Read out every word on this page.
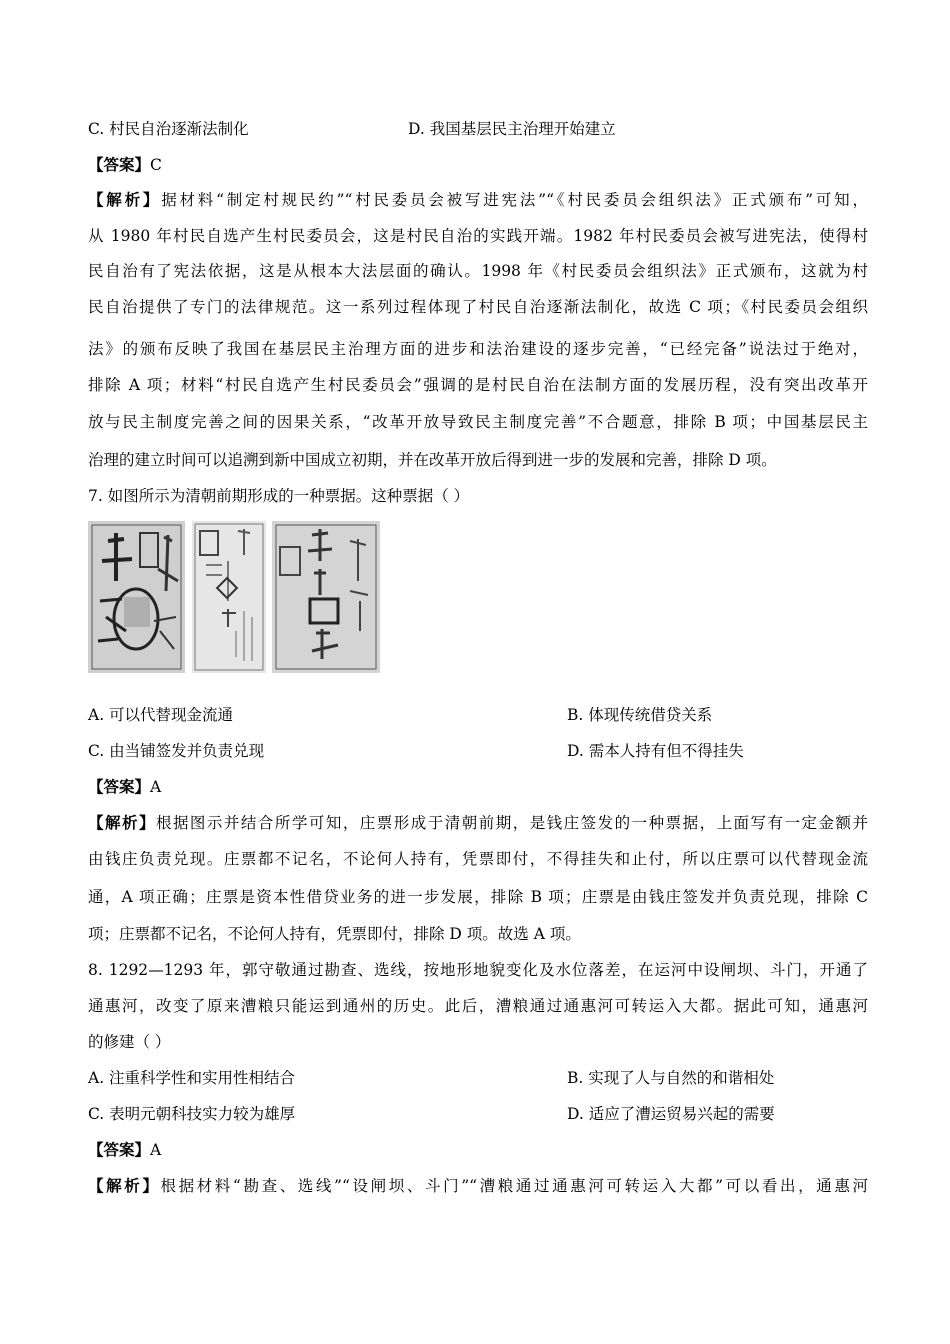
C. 村民自治逐渐法制化	D. 我国基层民主治理开始建立
【答案】C
【解析】据材料“制定村规民约”“村民委员会被写进宪法”“《村民委员会组织法》正式颁布”可知，
从 1980 年村民自选产生村民委员会，这是村民自治的实践开端。1982 年村民委员会被写进宪法，使得村
民自治有了宪法依据，这是从根本大法层面的确认。1998 年《村民委员会组织法》正式颁布，这就为村
民自治提供了专门的法律规范。这一系列过程体现了村民自治逐渐法制化，故选 C 项；《村民委员会组织
法》的颁布反映了我国在基层民主治理方面的进步和法治建设的逐步完善，“已经完备”说法过于绝对，
排除 A 项；材料“村民自选产生村民委员会”强调的是村民自治在法制方面的发展历程，没有突出改革开
放与民主制度完善之间的因果关系，“改革开放导致民主制度完善”不合题意，排除 B 项；中国基层民主
治理的建立时间可以追溯到新中国成立初期，并在改革开放后得到进一步的发展和完善，排除 D 项。
7. 如图所示为清朝前期形成的一种票据。这种票据（ ）
A. 可以代替现金流通	B. 体现传统借贷关系
C. 由当铺签发并负责兑现	D. 需本人持有但不得挂失
【答案】A
【解析】根据图示并结合所学可知，庄票形成于清朝前期，是钱庄签发的一种票据，上面写有一定金额并
由钱庄负责兑现。庄票都不记名，不论何人持有，凭票即付，不得挂失和止付，所以庄票可以代替现金流
通，A 项正确；庄票是资本性借贷业务的进一步发展，排除 B 项；庄票是由钱庄签发并负责兑现，排除 C
项；庄票都不记名，不论何人持有，凭票即付，排除 D 项。故选 A 项。
8. 1292—1293 年，郭守敬通过勘查、选线，按地形地貌变化及水位落差，在运河中设闸坝、斗门，开通了
通惠河，改变了原来漕粮只能运到通州的历史。此后，漕粮通过通惠河可转运入大都。据此可知，通惠河
的修建（ ）
A. 注重科学性和实用性相结合	B. 实现了人与自然的和谐相处
C. 表明元朝科技实力较为雄厚	D. 适应了漕运贸易兴起的需要
【答案】A
【解析】根据材料“勘查、选线”“设闸坝、斗门”“漕粮通过通惠河可转运入大都”可以看出，通惠河
